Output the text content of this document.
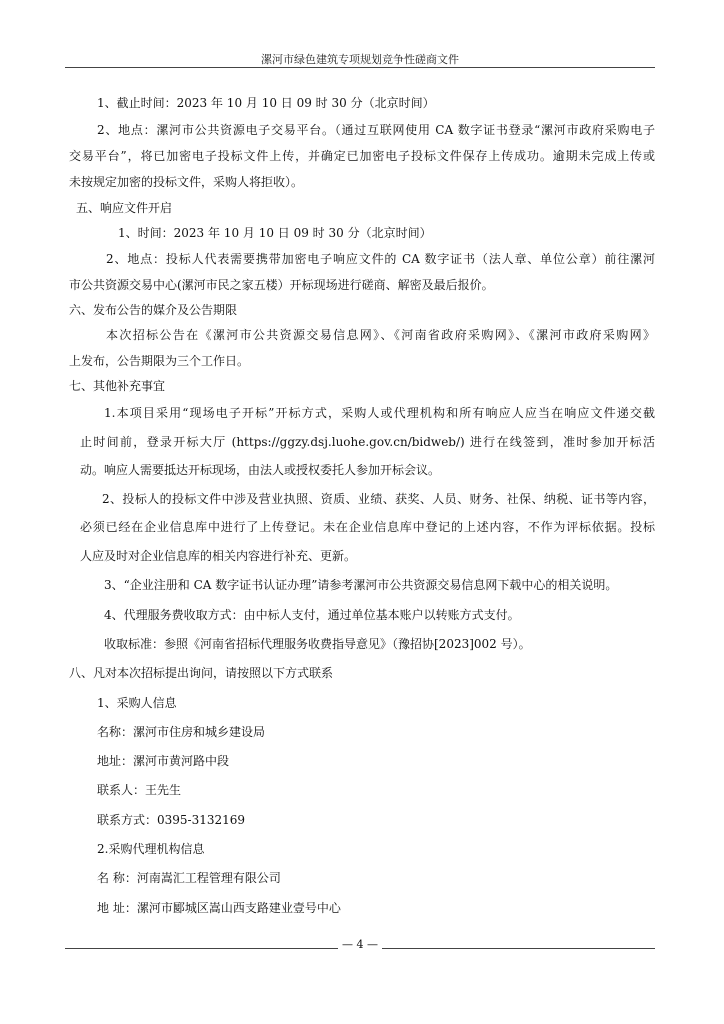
漯河市绿色建筑专项规划竞争性磋商文件
1、截止时间：2023 年 10 月 10 日 09 时 30 分（北京时间）
2、地点：漯河市公共资源电子交易平台。（通过互联网使用 CA 数字证书登录“漯河市政府采购电子
交易平台”，将已加密电子投标文件上传，并确定已加密电子投标文件保存上传成功。逾期未完成上传或
未按规定加密的投标文件，采购人将拒收）。
五、响应文件开启
1、时间：2023 年 10 月 10 日 09 时 30 分（北京时间）
2、地点：投标人代表需要携带加密电子响应文件的 CA 数字证书（法人章、单位公章）前往漯河
市公共资源交易中心(漯河市民之家五楼）开标现场进行磋商、解密及最后报价。
六、发布公告的媒介及公告期限
本次招标公告在《漯河市公共资源交易信息网》、《河南省政府采购网》、《漯河市政府采购网》
上发布，公告期限为三个工作日。
七、其他补充事宜
1.本项目采用“现场电子开标”开标方式，采购人或代理机构和所有响应人应当在响应文件递交截
止时间前，登录开标大厅 (https://ggzy.dsj.luohe.gov.cn/bidweb/) 进行在线签到，准时参加开标活
动。响应人需要抵达开标现场，由法人或授权委托人参加开标会议。
2、投标人的投标文件中涉及营业执照、资质、业绩、获奖、人员、财务、社保、纳税、证书等内容，
必须已经在企业信息库中进行了上传登记。未在企业信息库中登记的上述内容，不作为评标依据。投标
人应及时对企业信息库的相关内容进行补充、更新。
3、“企业注册和 CA 数字证书认证办理”请参考漯河市公共资源交易信息网下载中心的相关说明。
4、代理服务费收取方式：由中标人支付，通过单位基本账户以转账方式支付。
收取标准：参照《河南省招标代理服务收费指导意见》（豫招协[2023]002 号）。
八、凡对本次招标提出询问，请按照以下方式联系
1、采购人信息
名称：漯河市住房和城乡建设局
地址：漯河市黄河路中段
联系人：王先生
联系方式：0395-3132169
2.采购代理机构信息
名 称：河南嵩汇工程管理有限公司
地 址：漯河市郾城区嵩山西支路建业壹号中心
— 4 —
